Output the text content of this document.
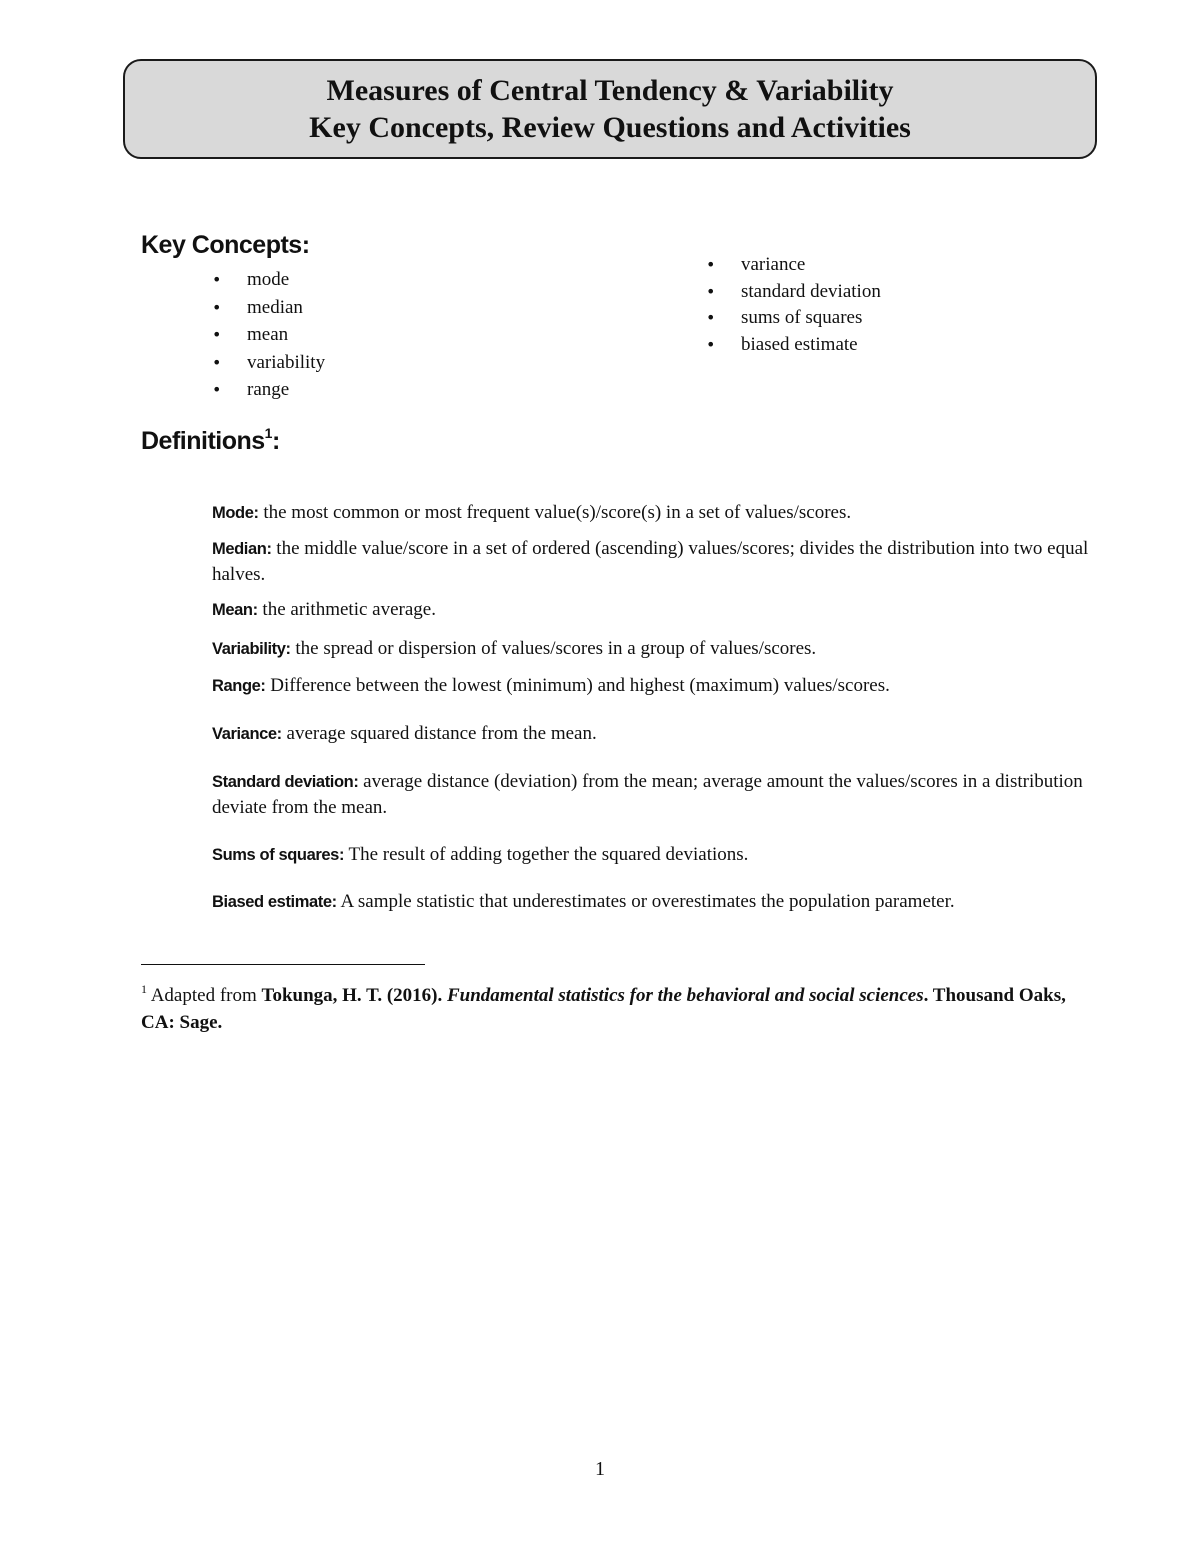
Measures of Central Tendency & Variability
Key Concepts, Review Questions and Activities
Key Concepts:
• mode
• median
• mean
• variability
• range
• variance
• standard deviation
• sums of squares
• biased estimate
Definitions$^1$:

Mode: the most common or most frequent value(s)/score(s) in a set of values/scores.

Median: the middle value/score in a set of ordered (ascending) values/scores; divides the distribution into two equal halves.

Mean: the arithmetic average.

Variability: the spread or dispersion of values/scores in a group of values/scores.

Range: Difference between the lowest (minimum) and highest (maximum) values/scores.

Variance: average squared distance from the mean.

Standard deviation: average distance (deviation) from the mean; average amount the values/scores in a distribution deviate from the mean.

Sums of squares: The result of adding together the squared deviations.

Biased estimate: A sample statistic that underestimates or overestimates the population parameter.

$^1$ Adapted from Tokunga, H. T. (2016). Fundamental statistics for the behavioral and social sciences. Thousand Oaks, CA: Sage.

1
